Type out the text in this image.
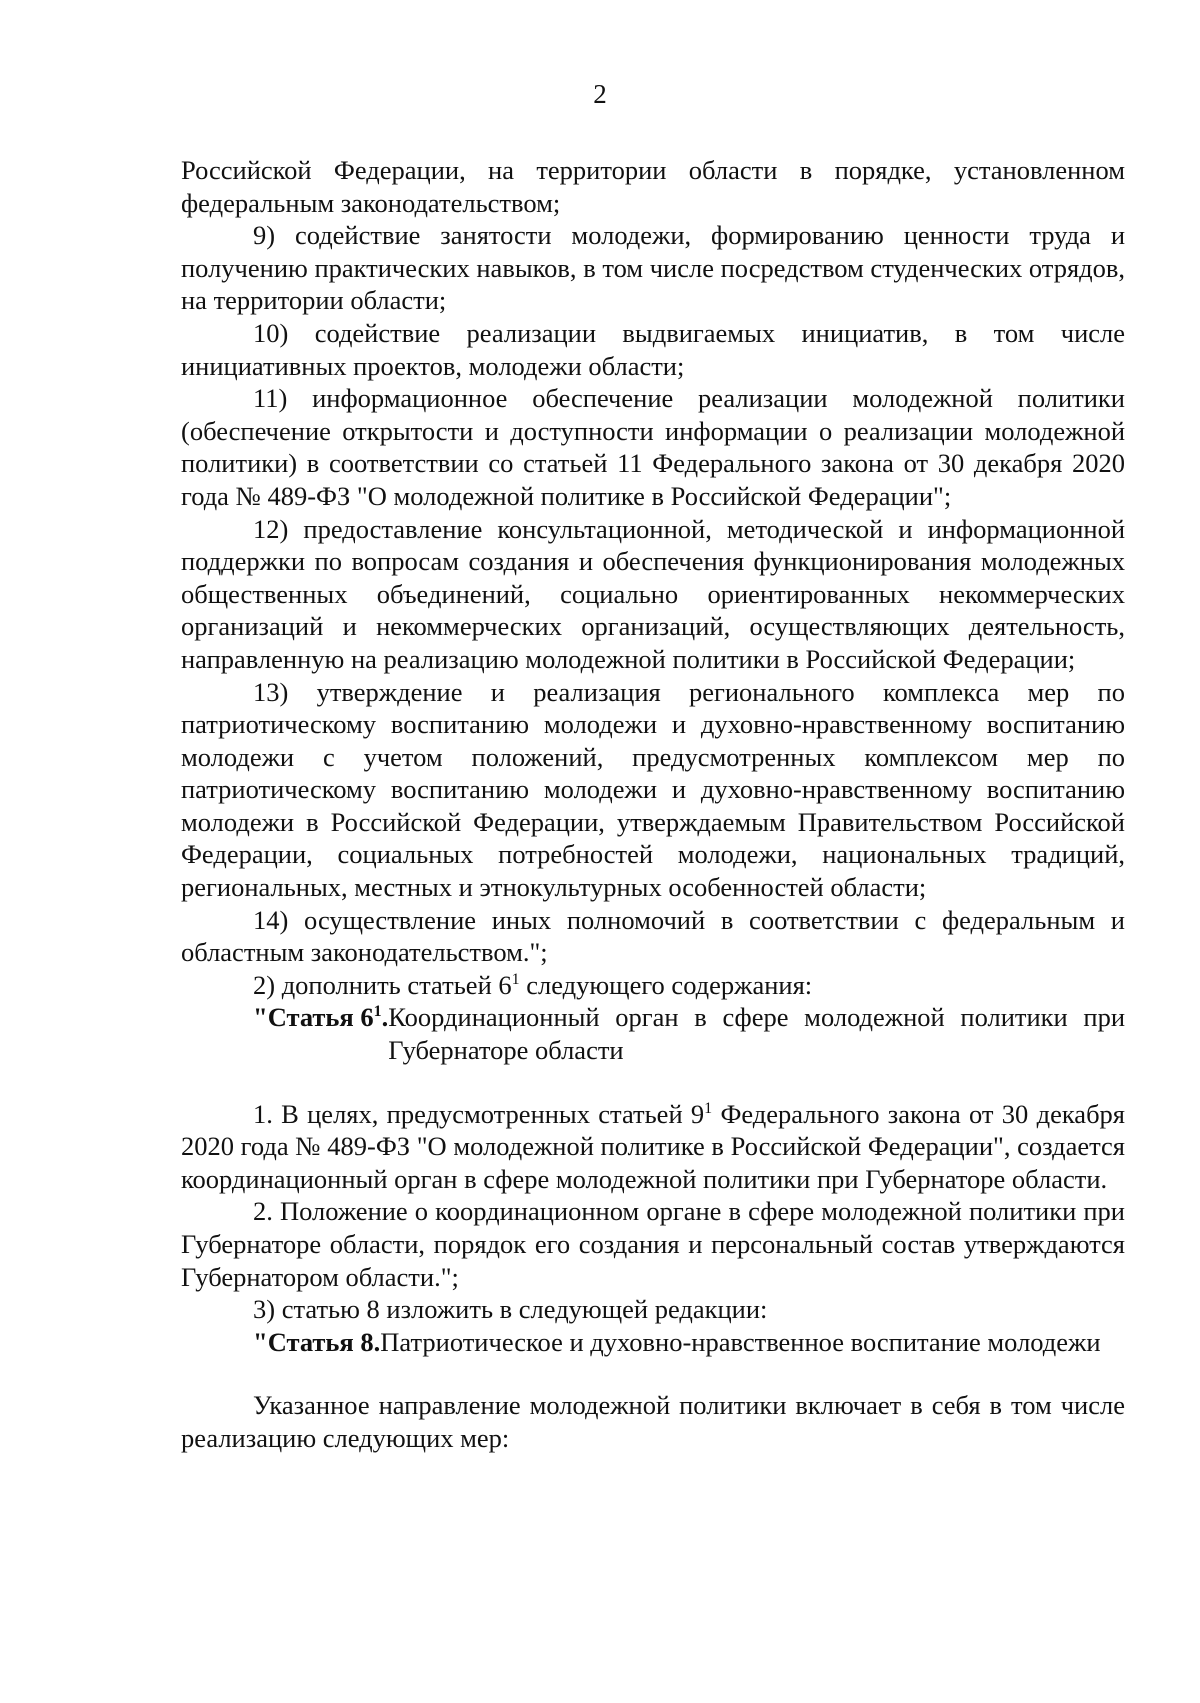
2

Российской Федерации, на территории области в порядке, установленном федеральным законодательством;

9) содействие занятости молодежи, формированию ценности труда и получению практических навыков, в том числе посредством студенческих отрядов, на территории области;

10) содействие реализации выдвигаемых инициатив, в том числе инициативных проектов, молодежи области;

11) информационное обеспечение реализации молодежной политики (обеспечение открытости и доступности информации о реализации молодежной политики) в соответствии со статьей 11 Федерального закона от 30 декабря 2020 года № 489-ФЗ "О молодежной политике в Российской Федерации";

12) предоставление консультационной, методической и информационной поддержки по вопросам создания и обеспечения функционирования молодежных общественных объединений, социально ориентированных некоммерческих организаций и некоммерческих организаций, осуществляющих деятельность, направленную на реализацию молодежной политики в Российской Федерации;

13) утверждение и реализация регионального комплекса мер по патриотическому воспитанию молодежи и духовно-нравственному воспитанию молодежи с учетом положений, предусмотренных комплексом мер по патриотическому воспитанию молодежи и духовно-нравственному воспитанию молодежи в Российской Федерации, утверждаемым Правительством Российской Федерации, социальных потребностей молодежи, национальных традиций, региональных, местных и этнокультурных особенностей области;

14) осуществление иных полномочий в соответствии с федеральным и областным законодательством.";

2) дополнить статьей $6^1$ следующего содержания:

"Статья $6^1$. Координационный орган в сфере молодежной политики при Губернаторе области

1. В целях, предусмотренных статьей $9^1$ Федерального закона от 30 декабря 2020 года № 489-ФЗ "О молодежной политике в Российской Федерации", создается координационный орган в сфере молодежной политики при Губернаторе области.

2. Положение о координационном органе в сфере молодежной политики при Губернаторе области, порядок его создания и персональный состав утверждаются Губернатором области.";

3) статью 8 изложить в следующей редакции:

"Статья 8. Патриотическое и духовно-нравственное воспитание молодежи

Указанное направление молодежной политики включает в себя в том числе реализацию следующих мер:
